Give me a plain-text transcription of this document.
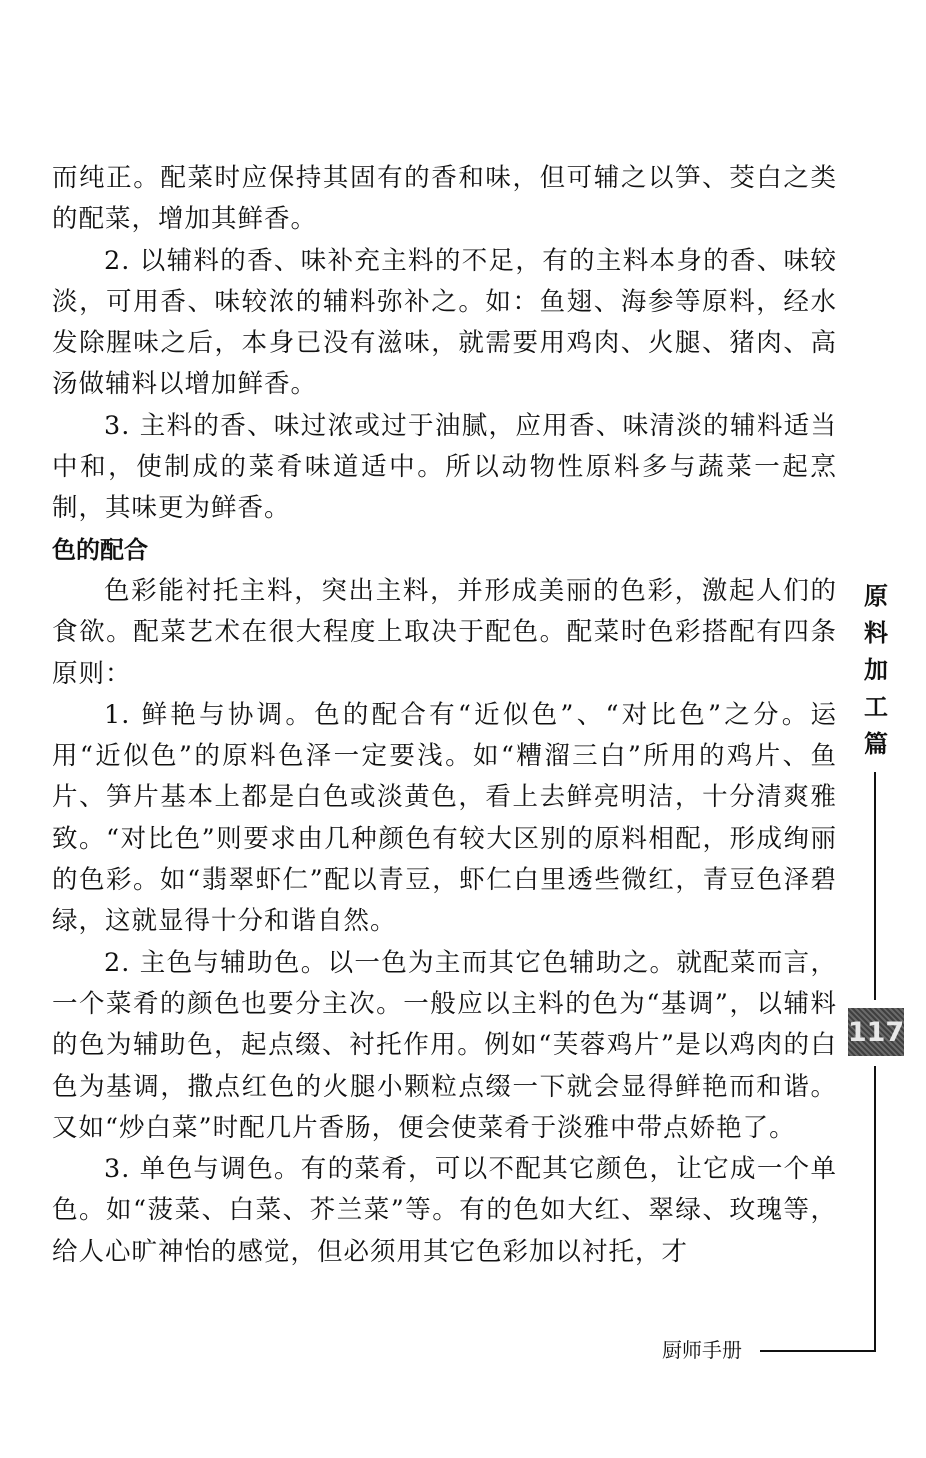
而纯正。配菜时应保持其固有的香和味，但可辅之以笋、茭白之类的配菜，增加其鲜香。

2. 以辅料的香、味补充主料的不足，有的主料本身的香、味较淡，可用香、味较浓的辅料弥补之。如：鱼翅、海参等原料，经水发除腥味之后，本身已没有滋味，就需要用鸡肉、火腿、猪肉、高汤做辅料以增加鲜香。

3. 主料的香、味过浓或过于油腻，应用香、味清淡的辅料适当中和，使制成的菜肴味道适中。所以动物性原料多与蔬菜一起烹制，其味更为鲜香。

色的配合

色彩能衬托主料，突出主料，并形成美丽的色彩，激起人们的食欲。配菜艺术在很大程度上取决于配色。配菜时色彩搭配有四条原则：

1. 鲜艳与协调。色的配合有“近似色”、“对比色”之分。运用“近似色”的原料色泽一定要浅。如“糟溜三白”所用的鸡片、鱼片、笋片基本上都是白色或淡黄色，看上去鲜亮明洁，十分清爽雅致。“对比色”则要求由几种颜色有较大区别的原料相配，形成绚丽的色彩。如“翡翠虾仁”配以青豆，虾仁白里透些微红，青豆色泽碧绿，这就显得十分和谐自然。

2. 主色与辅助色。以一色为主而其它色辅助之。就配菜而言，一个菜肴的颜色也要分主次。一般应以主料的色为“基调”，以辅料的色为辅助色，起点缀、衬托作用。例如“芙蓉鸡片”是以鸡肉的白色为基调，撒点红色的火腿小颗粒点缀一下就会显得鲜艳而和谐。又如“炒白菜”时配几片香肠，便会使菜肴于淡雅中带点娇艳了。

3. 单色与调色。有的菜肴，可以不配其它颜色，让它成一个单色。如“菠菜、白菜、芥兰菜”等。有的色如大红、翠绿、玫瑰等，给人心旷神怡的感觉，但必须用其它色彩加以衬托，才

原
料
加
工
篇
117
厨师手册
